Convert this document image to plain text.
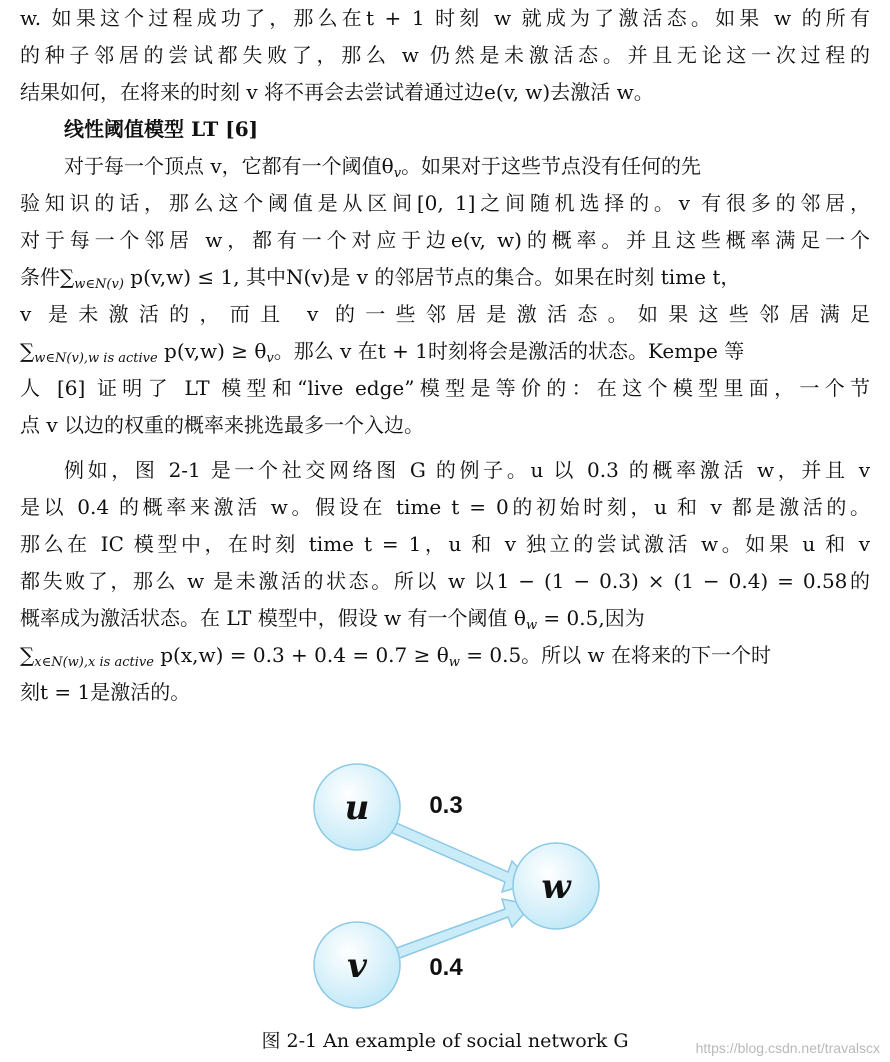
w. 如果这个过程成功了，那么在t + 1 时刻 w 就成为了激活态。如果 w 的所有
的种子邻居的尝试都失败了，那么 w 仍然是未激活态。并且无论这一次过程的
结果如何，在将来的时刻 v 将不再会去尝试着通过边e(v, w)去激活 w。
线性阈值模型 LT [6]
对于每一个顶点 v，它都有一个阈值$\theta_v$。如果对于这些节点没有任何的先
验知识的话，那么这个阈值是从区间[0, 1]之间随机选择的。v 有很多的邻居，
对于每一个邻居 w，都有一个对应于边e(v, w)的概率。并且这些概率满足一个
条件$\sum_{w\in N(v)}$ p(v,w) ≤ 1, 其中N(v)是 v 的邻居节点的集合。如果在时刻 time t，
v 是未激活的，而且 v 的一些邻居是激活态。如果这些邻居满足
$\sum_{w\in N(v),w is active}$ $p(v,w) \ge \theta_v$。那么 v 在t + 1时刻将会是激活的状态。Kempe 等
人 [6] 证明了 LT 模型和“live edge”模型是等价的：在这个模型里面，一个节
点 v 以边的权重的概率来挑选最多一个入边。
例如，图 2-1 是一个社交网络图 G 的例子。u 以 0.3 的概率激活 w，并且 v
是以 0.4 的概率来激活 w。假设在 time t = 0的初始时刻，u 和 v 都是激活的。
那么在 IC 模型中，在时刻 time t = 1，u 和 v 独立的尝试激活 w。如果 u 和 v
都失败了，那么 w 是未激活的状态。所以 w 以1 − (1 − 0.3) × (1 − 0.4) = 0.58的
概率成为激活状态。在 LT 模型中，假设 w 有一个阈值 $\theta_w = 0.5$,因为
$\sum_{x\in N(w),x is active}$ $p(x,w) = 0.3 + 0.4 = 0.7 \ge \theta_w = 0.5$。所以 w 在将来的下一个时
刻t = 1是激活的。
u
w
v
0.3
0.4
图 2-1 An example of social network G	https://blog.csdn.net/travalscx
